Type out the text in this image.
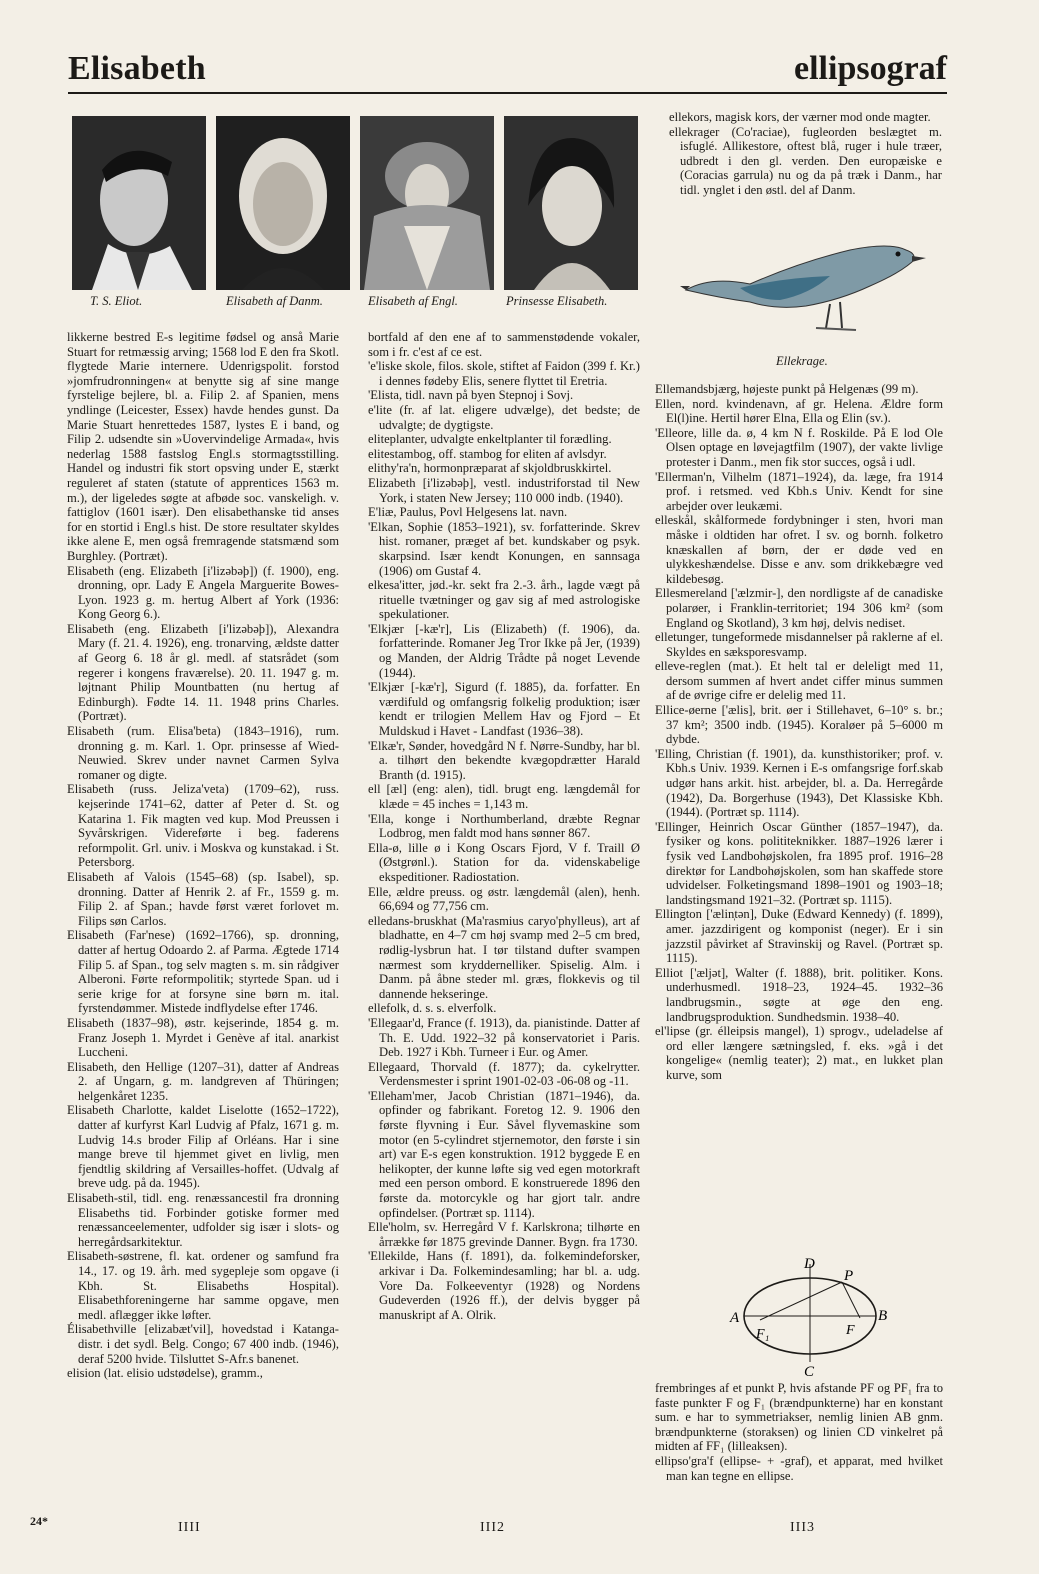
Elisabeth	ellipsograf
T. S. Eliot.	Elisabeth af Danm.	Elisabeth af Engl.	Prinsesse Elisabeth.

ellekors, magisk kors, der værner mod onde magter.

ellekrager (Co'raciae), fugleorden beslægtet m. isfuglé. Allikestore, oftest blå, ruger i hule træer, udbredt i den gl. verden. Den europæiske e (Coracias garrula) nu og da på træk i Danm., har tidl. ynglet i den østl. del af Danm.

Ellekrage.

likkerne bestred E-s legitime fødsel og anså Marie Stuart for retmæssig arving; 1568 lod E den fra Skotl. flygtede Marie internere. Udenrigspolit. forstod »jomfrudronningen« at benytte sig af sine mange fyrstelige bejlere, bl. a. Filip 2. af Spanien, mens yndlinge (Leicester, Essex) havde hendes gunst. Da Marie Stuart henrettedes 1587, lystes E i band, og Filip 2. udsendte sin »Uovervindelige Armada«, hvis nederlag 1588 fastslog Engl.s stormagtsstilling. Handel og industri fik stort opsving under E, stærkt reguleret af staten (statute of apprentices 1563 m. m.), der ligeledes søgte at afbøde soc. vanskeligh. v. fattiglov (1601 især). Den elisabethanske tid anses for en stortid i Engl.s hist. De store resultater skyldes ikke alene E, men også fremragende statsmænd som Burghley. (Portræt).

Elisabeth (eng. Elizabeth [i'lizəbəþ]) (f. 1900), eng. dronning, opr. Lady E Angela Marguerite Bowes-Lyon. 1923 g. m. hertug Albert af York (1936: Kong Georg 6.).

Elisabeth (eng. Elizabeth [i'lizəbəþ]), Alexandra Mary (f. 21. 4. 1926), eng. tronarving, ældste datter af Georg 6. 18 år gl. medl. af statsrådet (som regerer i kongens fraværelse). 20. 11. 1947 g. m. løjtnant Philip Mountbatten (nu hertug af Edinburgh). Fødte 14. 11. 1948 prins Charles. (Portræt).

Elisabeth (rum. Elisa'beta) (1843–1916), rum. dronning g. m. Karl. 1. Opr. prinsesse af Wied-Neuwied. Skrev under navnet Carmen Sylva romaner og digte.

Elisabeth (russ. Jeliza'veta) (1709–62), russ. kejserinde 1741–62, datter af Peter d. St. og Katarina 1. Fik magten ved kup. Mod Preussen i Syvårskrigen. Videreførte i beg. faderens reformpolit. Grl. univ. i Moskva og kunstakad. i St. Petersborg.

Elisabeth af Valois (1545–68) (sp. Isabel), sp. dronning. Datter af Henrik 2. af Fr., 1559 g. m. Filip 2. af Span.; havde først været forlovet m. Filips søn Carlos.

Elisabeth (Far'nese) (1692–1766), sp. dronning, datter af hertug Odoardo 2. af Parma. Ægtede 1714 Filip 5. af Span., tog selv magten s. m. sin rådgiver Alberoni. Førte reformpolitik; styrtede Span. ud i serie krige for at forsyne sine børn m. ital. fyrstendømmer. Mistede indflydelse efter 1746.

Elisabeth (1837–98), østr. kejserinde, 1854 g. m. Franz Joseph 1. Myrdet i Genève af ital. anarkist Luccheni.

Elisabeth, den Hellige (1207–31), datter af Andreas 2. af Ungarn, g. m. landgreven af Thüringen; helgenkåret 1235.

Elisabeth Charlotte, kaldet Liselotte (1652–1722), datter af kurfyrst Karl Ludvig af Pfalz, 1671 g. m. Ludvig 14.s broder Filip af Orléans. Har i sine mange breve til hjemmet givet en livlig, men fjendtlig skildring af Versailles-hoffet. (Udvalg af breve udg. på da. 1945).

Elisabeth-stil, tidl. eng. renæssancestil fra dronning Elisabeths tid. Forbinder gotiske former med renæssanceelementer, udfolder sig især i slots- og herregårdsarkitektur.

Elisabeth-søstrene, fl. kat. ordener og samfund fra 14., 17. og 19. årh. med sygepleje som opgave (i Kbh. St. Elisabeths Hospital). Elisabethforeningerne har samme opgave, men medl. aflægger ikke løfter.

Élisabethville [elizabæt'vil], hovedstad i Katanga-distr. i det sydl. Belg. Congo; 67 400 indb. (1946), deraf 5200 hvide. Tilsluttet S-Afr.s banenet.

elision (lat. elisio udstødelse), gramm.,

bortfald af den ene af to sammenstødende vokaler, som i fr. c'est af ce est.

'e'liske skole, filos. skole, stiftet af Faidon (399 f. Kr.) i dennes fødeby Elis, senere flyttet til Eretria.

'Elista, tidl. navn på byen Stepnoj i Sovj.

e'lite (fr. af lat. eligere udvælge), det bedste; de udvalgte; de dygtigste.

eliteplanter, udvalgte enkeltplanter til forædling.

elitestambog, off. stambog for eliten af avlsdyr.

elithy'ra'n, hormonpræparat af skjoldbruskkirtel.

Elizabeth [i'lizəbəþ], vestl. industriforstad til New York, i staten New Jersey; 110 000 indb. (1940).

E'liæ, Paulus, Povl Helgesens lat. navn.

'Elkan, Sophie (1853–1921), sv. forfatterinde. Skrev hist. romaner, præget af bet. kundskaber og psyk. skarpsind. Især kendt Konungen, en sannsaga (1906) om Gustaf 4.

elkesa'itter, jød.-kr. sekt fra 2.-3. årh., lagde vægt på rituelle tvætninger og gav sig af med astrologiske spekulationer.

'Elkjær [-kæ'r], Lis (Elizabeth) (f. 1906), da. forfatterinde. Romaner Jeg Tror Ikke på Jer, (1939) og Manden, der Aldrig Trådte på noget Levende (1944).

'Elkjær [-kæ'r], Sigurd (f. 1885), da. forfatter. En værdifuld og omfangsrig folkelig produktion; især kendt er trilogien Mellem Hav og Fjord – Et Muldskud i Havet - Landfast (1936–38).

'Elkæ'r, Sønder, hovedgård N f. Nørre-Sundby, har bl. a. tilhørt den bekendte kvægopdrætter Harald Branth (d. 1915).

ell [æl] (eng: alen), tidl. brugt eng. længdemål for klæde = 45 inches = 1,143 m.

'Ella, konge i Northumberland, dræbte Regnar Lodbrog, men faldt mod hans sønner 867.

Ella-ø, lille ø i Kong Oscars Fjord, V f. Traill Ø (Østgrønl.). Station for da. videnskabelige ekspeditioner. Radiostation.

Elle, ældre preuss. og østr. længdemål (alen), henh. 66,694 og 77,756 cm.

elledans-bruskhat (Ma'rasmius caryo'phylleus), art af bladhatte, en 4–7 cm høj svamp med 2–5 cm bred, rødlig-lysbrun hat. I tør tilstand dufter svampen nærmest som kryddernelliker. Spiselig. Alm. i Danm. på åbne steder ml. græs, flokkevis og til dannende hekseringe.

ellefolk, d. s. s. elverfolk.

'Ellegaar'd, France (f. 1913), da. pianistinde. Datter af Th. E. Udd. 1922–32 på konservatoriet i Paris. Deb. 1927 i Kbh. Turneer i Eur. og Amer.

Ellegaard, Thorvald (f. 1877); da. cykelrytter. Verdensmester i sprint 1901-02-03 -06-08 og -11.

'Elleham'mer, Jacob Christian (1871–1946), da. opfinder og fabrikant. Foretog 12. 9. 1906 den første flyvning i Eur. Såvel flyvemaskine som motor (en 5-cylindret stjernemotor, den første i sin art) var E-s egen konstruktion. 1912 byggede E en helikopter, der kunne løfte sig ved egen motorkraft med een person ombord. E konstruerede 1896 den første da. motorcykle og har gjort talr. andre opfindelser. (Portræt sp. 1114).

Elle'holm, sv. Herregård V f. Karlskrona; tilhørte en årrække før 1875 grevinde Danner. Bygn. fra 1730.

'Ellekilde, Hans (f. 1891), da. folkemindeforsker, arkivar i Da. Folkemindesamling; har bl. a. udg. Vore Da. Folkeeventyr (1928) og Nordens Gudeverden (1926 ff.), der delvis bygger på manuskript af A. Olrik.

Ellemandsbjærg, højeste punkt på Helgenæs (99 m).

Ellen, nord. kvindenavn, af gr. Helena. Ældre form El(l)ine. Hertil hører Elna, Ella og Elin (sv.).

'Elleore, lille da. ø, 4 km N f. Roskilde. På E lod Ole Olsen optage en løvejagtfilm (1907), der vakte livlige protester i Danm., men fik stor succes, også i udl.

'Ellerman'n, Vilhelm (1871–1924), da. læge, fra 1914 prof. i retsmed. ved Kbh.s Univ. Kendt for sine arbejder over leukæmi.

elleskål, skålformede fordybninger i sten, hvori man måske i oldtiden har ofret. I sv. og bornh. folketro knæskallen af børn, der er døde ved en ulykkeshændelse. Disse e anv. som drikkebægre ved kildebesøg.

Ellesmereland ['ælzmir-], den nordligste af de canadiske polarøer, i Franklin-territoriet; 194 306 km² (som England og Skotland), 3 km høj, delvis nediset.

elletunger, tungeformede misdannelser på raklerne af el. Skyldes en sæksporesvamp.

elleve-reglen (mat.). Et helt tal er deleligt med 11, dersom summen af hvert andet ciffer minus summen af de øvrige cifre er delelig med 11.

Ellice-øerne ['ælis], brit. øer i Stillehavet, 6–10° s. br.; 37 km²; 3500 indb. (1945). Koraløer på 5–6000 m dybde.

'Elling, Christian (f. 1901), da. kunsthistoriker; prof. v. Kbh.s Univ. 1939. Kernen i E-s omfangsrige forf.skab udgør hans arkit. hist. arbejder, bl. a. Da. Herregårde (1942), Da. Borgerhuse (1943), Det Klassiske Kbh. (1944). (Portræt sp. 1114).

'Ellinger, Heinrich Oscar Günther (1857–1947), da. fysiker og kons. polititeknikker. 1887–1926 lærer i fysik ved Landbohøjskolen, fra 1895 prof. 1916–28 direktør for Landbohøjskolen, som han skaffede store udvidelser. Folketingsmand 1898–1901 og 1903–18; landstingsmand 1921–32. (Portræt sp. 1115).

Ellington ['ælin̩tən], Duke (Edward Kennedy) (f. 1899), amer. jazzdirigent og komponist (neger). Er i sin jazzstil påvirket af Stravinskij og Ravel. (Portræt sp. 1115).

Elliot ['æljət], Walter (f. 1888), brit. politiker. Kons. underhusmedl. 1918–23, 1924–45. 1932–36 landbrugsmin., søgte at øge den eng. landbrugsproduktion. Sundhedsmin. 1938–40.

el'lipse (gr. élleipsis mangel), 1) sprogv., udeladelse af ord eller længere sætningsled, f. eks. »gå i det kongelige« (nemlig teater); 2) mat., en lukket plan kurve, som

D
P
A	B
F₁	F
C

frembringes af et punkt P, hvis afstande PF og PF₁ fra to faste punkter F og F₁ (brændpunkterne) har en konstant sum. e har to symmetriakser, nemlig linien AB gnm. brændpunkterne (storaksen) og linien CD vinkelret på midten af FF₁ (lilleaksen).

ellipso'gra'f (ellipse- + -graf), et apparat, med hvilket man kan tegne en ellipse.

24*	IIII	III2	III3
